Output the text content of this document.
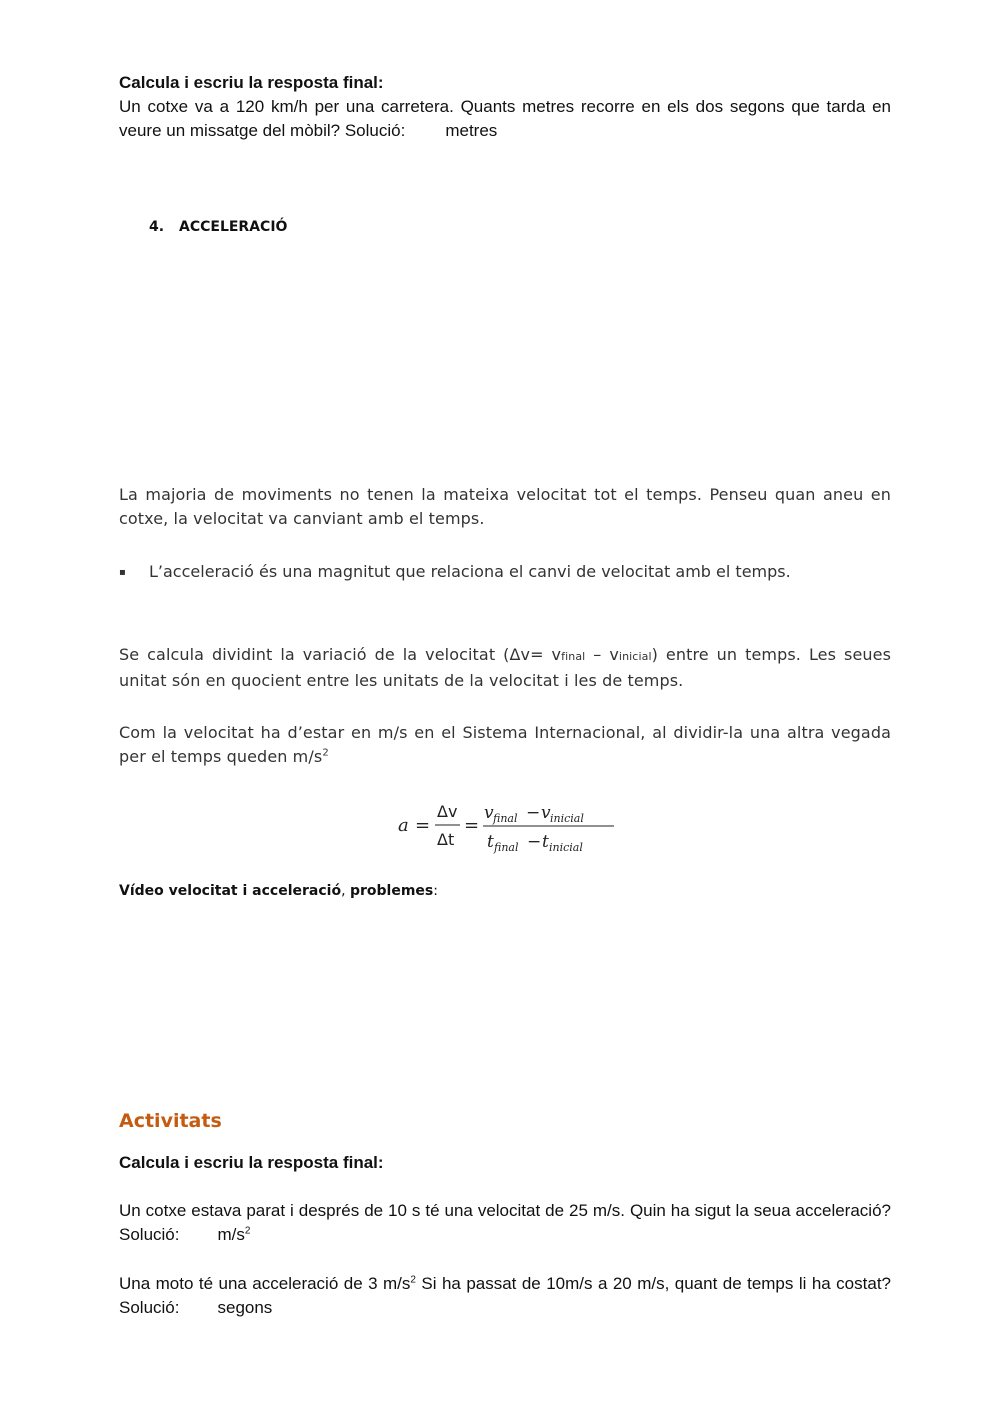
Calcula i escriu la resposta final:
Un cotxe va a 120 km/h per una carretera. Quants metres recorre en els dos segons que tarda en veure un missatge del mòbil? Solució: metres
4. ACCELERACIÓ
La majoria de moviments no tenen la mateixa velocitat tot el temps. Penseu quan aneu en cotxe, la velocitat va canviant amb el temps.
▪ L’acceleració és una magnitut que relaciona el canvi de velocitat amb el temps.
Se calcula dividint la variació de la velocitat (Δv= vfinal – vinicial) entre un temps. Les seues unitat són en quocient entre les unitats de la velocitat i les de temps.
Com la velocitat ha d’estar en m/s en el Sistema Internacional, al dividir-la una altra vegada per el temps queden $m/s^2$
a =
Δv
Δt
=
v final − v inicial
t final − t inicial
Vídeo velocitat i acceleració, problemes:
Activitats
Calcula i escriu la resposta final:
Un cotxe estava parat i després de 10 s té una velocitat de 25 m/s. Quin ha sigut la seua acceleració? Solució: $m/s^2$
Una moto té una acceleració de 3 $m/s^2$ Si ha passat de 10m/s a 20 m/s, quant de temps li ha costat? Solució: segons
